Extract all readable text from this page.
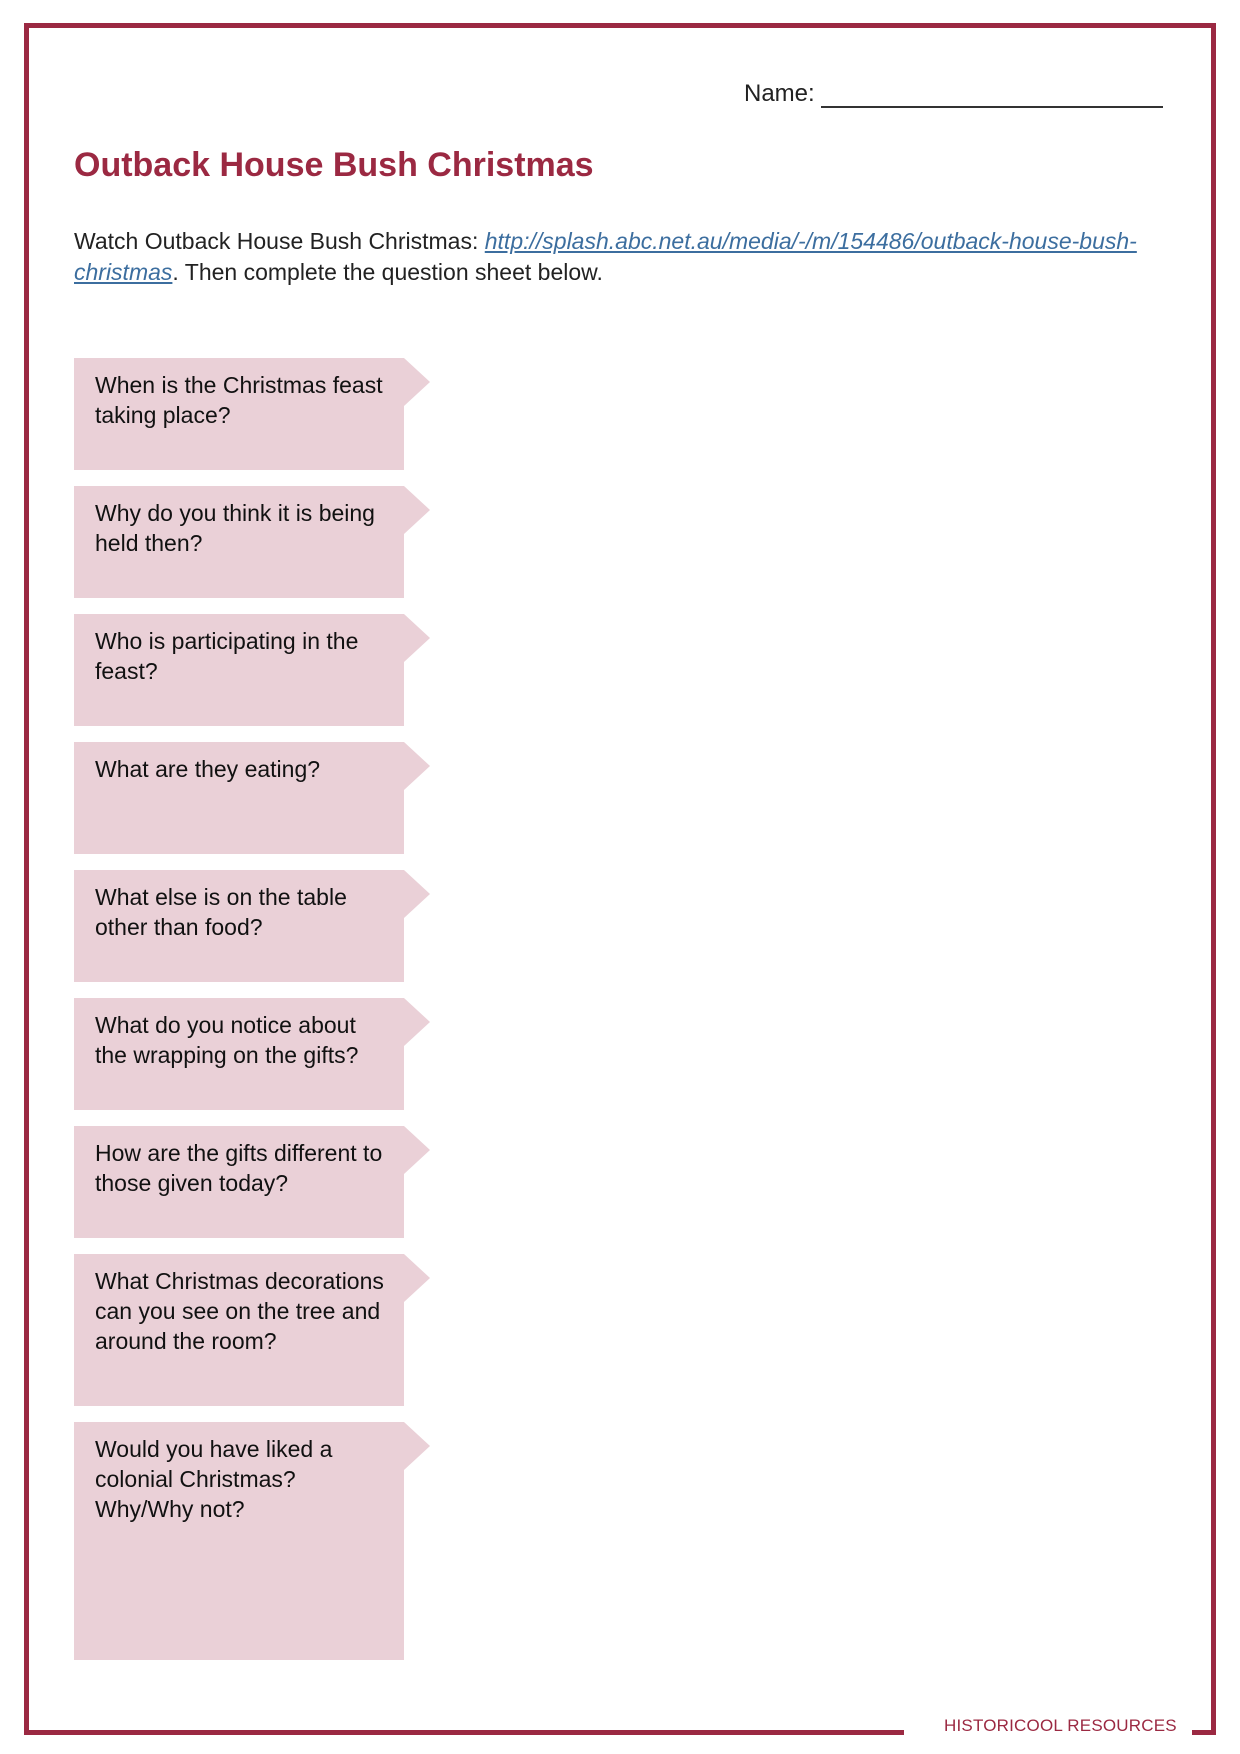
Name:
Outback House Bush Christmas
Watch Outback House Bush Christmas: http://splash.abc.net.au/media/-/m/154486/outback-house-bush-christmas. Then complete the question sheet below.
When is the Christmas feast taking place?
Why do you think it is being held then?
Who is participating in the feast?
What are they eating?
What else is on the table other than food?
What do you notice about the wrapping on the gifts?
How are the gifts different to those given today?
What Christmas decorations can you see on the tree and around the room?
Would you have liked a colonial Christmas? Why/Why not?
HISTORICOOL RESOURCES
